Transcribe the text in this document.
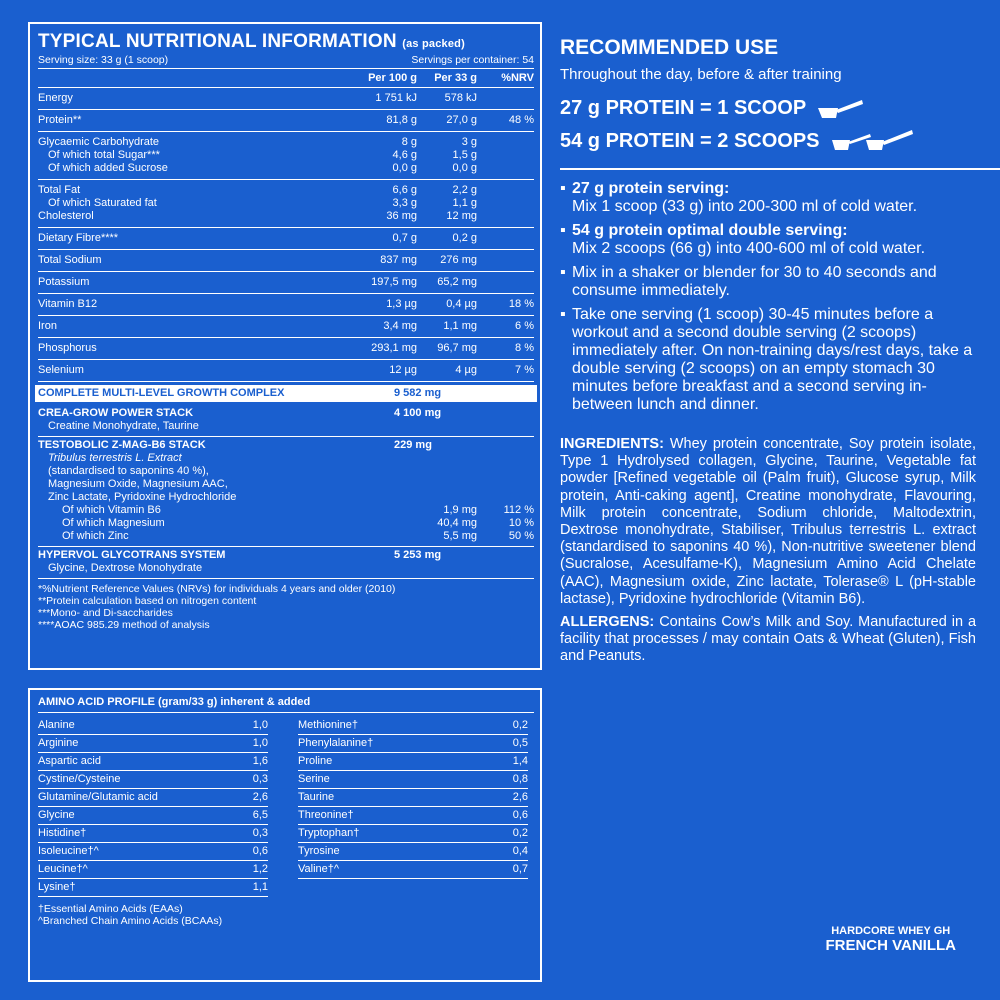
TYPICAL NUTRITIONAL INFORMATION (as packed)
Serving size: 33 g (1 scoop)	Servings per container: 54
Per 100 g	Per 33 g	%NRV
Energy	1 751 kJ	578 kJ
Protein**	81,8 g	27,0 g	48 %
Glycaemic Carbohydrate	8 g	3 g
Of which total Sugar***	4,6 g	1,5 g
Of which added Sucrose	0,0 g	0,0 g
Total Fat	6,6 g	2,2 g
Of which Saturated fat	3,3 g	1,1 g
Cholesterol	36 mg	12 mg
Dietary Fibre****	0,7 g	0,2 g
Total Sodium	837 mg	276 mg
Potassium	197,5 mg	65,2 mg
Vitamin B12	1,3 µg	0,4 µg	18 %
Iron	3,4 mg	1,1 mg	6 %
Phosphorus	293,1 mg	96,7 mg	8 %
Selenium	12 µg	4 µg	7 %
COMPLETE MULTI-LEVEL GROWTH COMPLEX	9 582 mg
CREA-GROW POWER STACK	4 100 mg
Creatine Monohydrate, Taurine
TESTOBOLIC Z-MAG-B6 STACK	229 mg
Tribulus terrestris L. Extract
(standardised to saponins 40 %),
Magnesium Oxide, Magnesium AAC,
Zinc Lactate, Pyridoxine Hydrochloride
Of which Vitamin B6	1,9 mg	112 %
Of which Magnesium	40,4 mg	10 %
Of which Zinc	5,5 mg	50 %
HYPERVOL GLYCOTRANS SYSTEM	5 253 mg
Glycine, Dextrose Monohydrate
*%Nutrient Reference Values (NRVs) for individuals 4 years and older (2010)
**Protein calculation based on nitrogen content
***Mono- and Di-saccharides
****AOAC 985.29 method of analysis
AMINO ACID PROFILE (gram/33 g) inherent & added
Alanine	1,0
Arginine	1,0
Aspartic acid	1,6
Cystine/Cysteine	0,3
Glutamine/Glutamic acid	2,6
Glycine	6,5
Histidine†	0,3
Isoleucine†^	0,6
Leucine†^	1,2
Lysine†	1,1
Methionine†	0,2
Phenylalanine†	0,5
Proline	1,4
Serine	0,8
Taurine	2,6
Threonine†	0,6
Tryptophan†	0,2
Tyrosine	0,4
Valine†^	0,7
†Essential Amino Acids (EAAs)
^Branched Chain Amino Acids (BCAAs)
RECOMMENDED USE
Throughout the day, before & after training
27 g PROTEIN = 1 SCOOP
54 g PROTEIN = 2 SCOOPS
▪ 27 g protein serving:
Mix 1 scoop (33 g) into 200-300 ml of cold water.
▪ 54 g protein optimal double serving:
Mix 2 scoops (66 g) into 400-600 ml of cold water.
▪ Mix in a shaker or blender for 30 to 40 seconds and consume immediately.
▪ Take one serving (1 scoop) 30-45 minutes before a workout and a second double serving (2 scoops) immediately after. On non-training days/rest days, take a double serving (2 scoops) on an empty stomach 30 minutes before breakfast and a second serving in-between lunch and dinner.
INGREDIENTS: Whey protein concentrate, Soy protein isolate, Type 1 Hydrolysed collagen, Glycine, Taurine, Vegetable fat powder [Refined vegetable oil (Palm fruit), Glucose syrup, Milk protein, Anti-caking agent], Creatine monohydrate, Flavouring, Milk protein concentrate, Sodium chloride, Maltodextrin, Dextrose monohydrate, Stabiliser, Tribulus terrestris L. extract (standardised to saponins 40 %), Non-nutritive sweetener blend (Sucralose, Acesulfame-K), Magnesium Amino Acid Chelate (AAC), Magnesium oxide, Zinc lactate, Tolerase® L (pH-stable lactase), Pyridoxine hydrochloride (Vitamin B6).
ALLERGENS: Contains Cow’s Milk and Soy. Manufactured in a facility that processes / may contain Oats & Wheat (Gluten), Fish and Peanuts.
HARDCORE WHEY GH
FRENCH VANILLA
